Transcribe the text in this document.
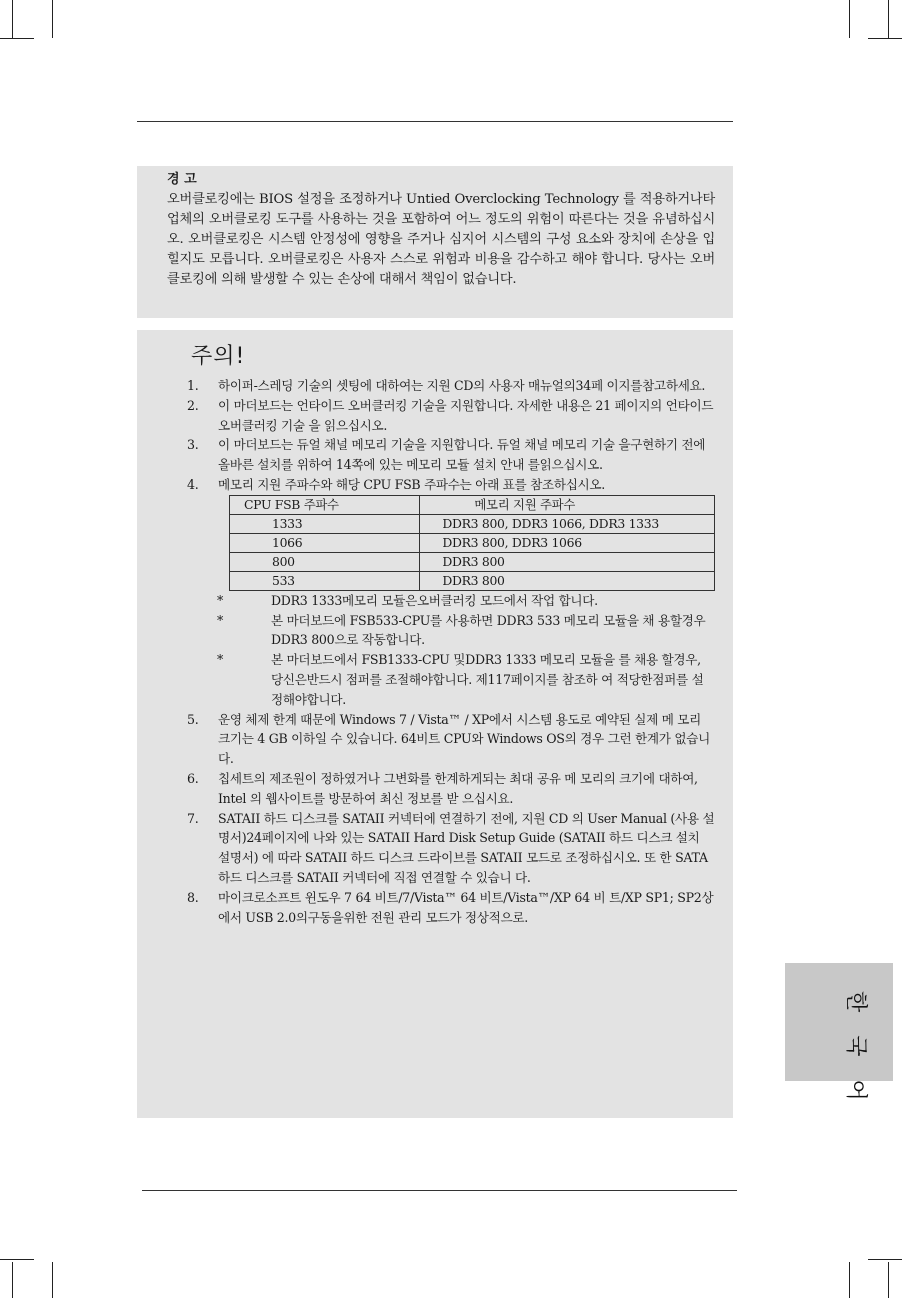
경 고
오버클로킹에는 BIOS 설정을 조정하거나 Untied Overclocking Technology 를 적용하거나타업체의 오버클로킹 도구를 사용하는 것을 포함하여 어느 정도의 위험이 따른다는 것을 유념하십시오. 오버클로킹은 시스템 안정성에 영향을 주거나 심지어 시스템의 구성 요소와 장치에 손상을 입힐지도 모릅니다. 오버클로킹은 사용자 스스로 위험과 비용을 감수하고 해야 합니다. 당사는 오버클로킹에 의해 발생할 수 있는 손상에 대해서 책임이 없습니다.
주의!
1.	하이퍼-스레딩 기술의 셋팅에 대하여는 지원 CD의 사용자 매뉴얼의34페 이지를참고하세요.
2.	이 마더보드는 언타이드 오버클러킹 기술을 지원합니다. 자세한 내용은 21 페이지의 언타이드 오버클러킹 기술 을 읽으십시오.
3.	이 마더보드는 듀얼 채널 메모리 기술을 지원합니다. 듀얼 채널 메모리 기술 을구현하기 전에 올바른 설치를 위하여 14쪽에 있는 메모리 모듈 설치 안내 를읽으십시오.
4.	메모리 지원 주파수와 해당 CPU FSB 주파수는 아래 표를 참조하십시오.
CPU FSB 주파수	메모리 지원 주파수
1333	DDR3 800, DDR3 1066, DDR3 1333
1066	DDR3 800, DDR3 1066
800	DDR3 800
533	DDR3 800
*	DDR3 1333메모리 모듈은오버클러킹 모드에서 작업 합니다.
*	본 마더보드에 FSB533-CPU를 사용하면 DDR3 533 메모리 모듈을 채 용할경우 DDR3 800으로 작동합니다.
*	본 마더보드에서 FSB1333-CPU 및DDR3 1333 메모리 모듈을 를 채용 할경우, 당신은반드시 점퍼를 조절해야합니다. 제117페이지를 참조하 여 적당한점퍼를 설정해야합니다.
5.	운영 체제 한계 때문에 Windows 7 / Vista™ / XP에서 시스템 용도로 예약된 실제 메 모리 크기는 4 GB 이하일 수 있습니다. 64비트 CPU와 Windows OS의 경우 그런 한계가 없습니다.
6.	칩세트의 제조원이 정하였거나 그변화를 한계하게되는 최대 공유 메 모리의 크기에 대하여, Intel 의 웹사이트를 방문하여 최신 정보를 받 으십시요.
7.	SATAII 하드 디스크를 SATAII 커넥터에 연결하기 전에, 지원 CD 의 User Manual (사용 설명서)24페이지에 나와 있는 SATAII Hard Disk Setup Guide (SATAII 하드 디스크 설치 설명서) 에 따라 SATAII 하드 디스크 드라이브를 SATAII 모드로 조정하십시오. 또 한 SATA 하드 디스크를 SATAII 커넥터에 직접 연결할 수 있습니 다.
8.	마이크로소프트 윈도우 7 64 비트/7/Vista™ 64 비트/Vista™/XP 64 비 트/XP SP1; SP2상 에서 USB 2.0의구동을위한 전원 관리 모드가 정상적으로.
한 국 어
